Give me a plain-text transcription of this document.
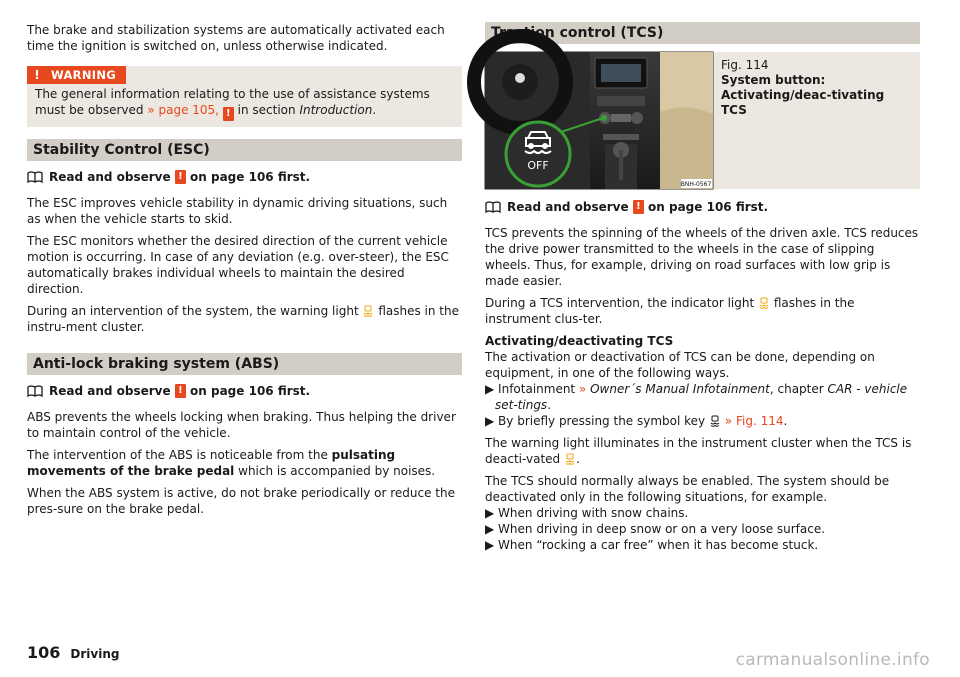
The brake and stabilization systems are automatically activated each time the ignition is switched on, unless otherwise indicated.

! WARNING
The general information relating to the use of assistance systems must be observed » page 105, ! in section Introduction.
Stability Control (ESC)
Read and observe
!
on page 106 first.

The ESC improves vehicle stability in dynamic driving situations, such as when the vehicle starts to skid.

The ESC monitors whether the desired direction of the current vehicle motion is occurring. In case of any deviation (e.g. over-steer), the ESC automatically brakes individual wheels to maintain the desired direction.

During an intervention of the system, the warning light flashes in the instru-ment cluster.

Anti-lock braking system (ABS)
Read and observe
!
on page 106 first.

ABS prevents the wheels locking when braking. Thus helping the driver to maintain control of the vehicle.

The intervention of the ABS is noticeable from the pulsating movements of the brake pedal which is accompanied by noises.

When the ABS system is active, do not brake periodically or reduce the pres-sure on the brake pedal.

Traction control (TCS)
OFF
BNH-0567
Fig. 114
System button: Activating/deac-tivating TCS
Read and observe
!
on page 106 first.

TCS prevents the spinning of the wheels of the driven axle. TCS reduces the drive power transmitted to the wheels in the case of slipping wheels. Thus, for example, driving on road surfaces with low grip is made easier.

During a TCS intervention, the indicator light flashes in the instrument clus-ter.

Activating/deactivating TCS

The activation or deactivation of TCS can be done, depending on equipment, in one of the following ways.

▶ Infotainment » Owner´s Manual Infotainment, chapter CAR - vehicle set-tings.

▶ By briefly pressing the symbol key » Fig. 114.

The warning light illuminates in the instrument cluster when the TCS is deacti-vated .

The TCS should normally always be enabled. The system should be deactivated only in the following situations, for example.

▶ When driving with snow chains.

▶ When driving in deep snow or on a very loose surface.

▶ When “rocking a car free” when it has become stuck.

106 Driving	carmanualsonline.info
